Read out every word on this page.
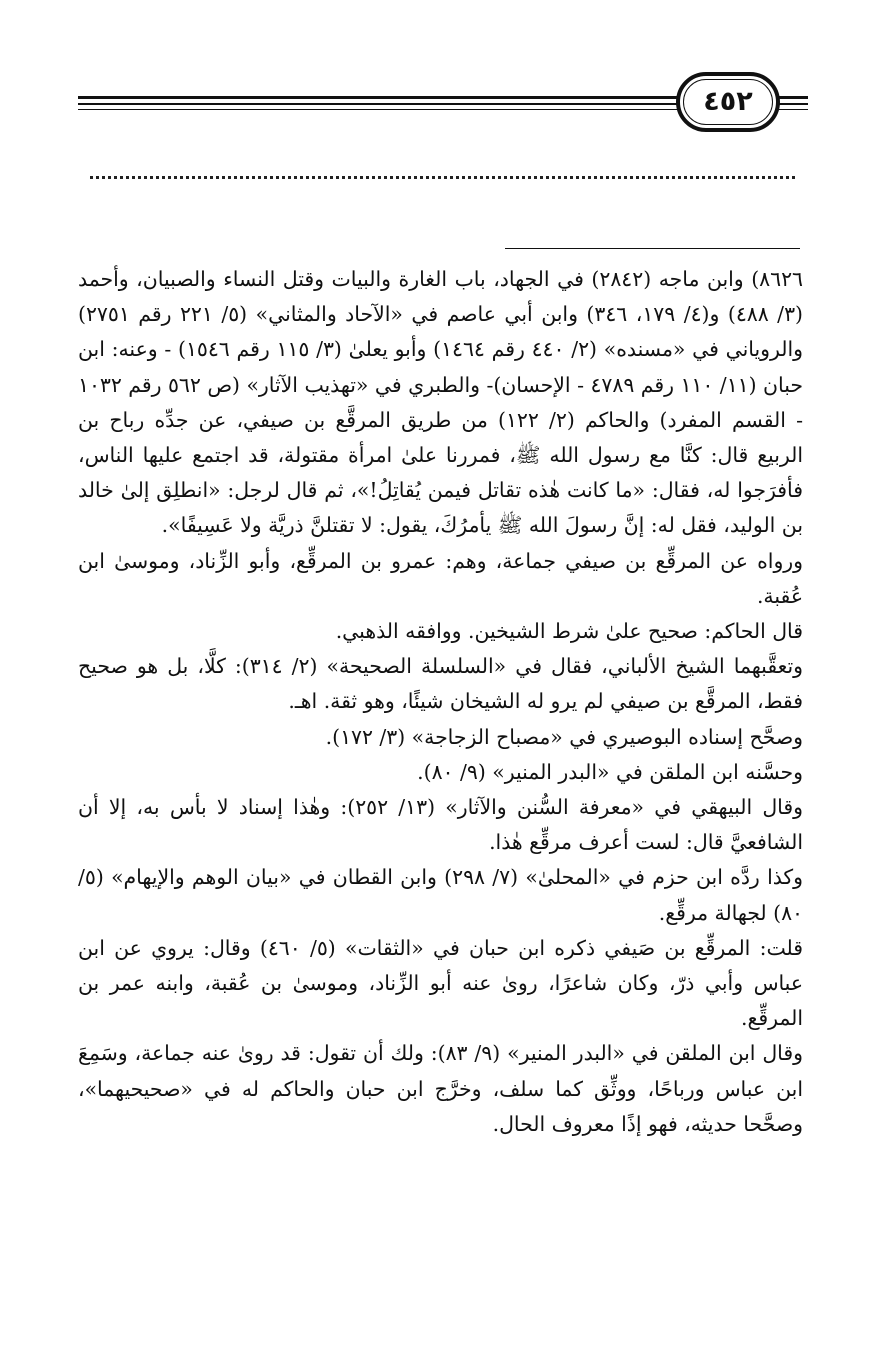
٤٥٢

٨٦٢٦) وابن ماجه (٢٨٤٢) في الجهاد، باب الغارة والبيات وقتل النساء والصبيان، وأحمد (٣/ ٤٨٨) و(٤/ ١٧٩، ٣٤٦) وابن أبي عاصم في «الآحاد والمثاني» (٥/ ٢٢١ رقم ٢٧٥١) والروياني في «مسنده» (٢/ ٤٤٠ رقم ١٤٦٤) وأبو يعلىٰ (٣/ ١١٥ رقم ١٥٤٦) - وعنه: ابن حبان (١١/ ١١٠ رقم ٤٧٨٩ - الإحسان)- والطبري في «تهذيب الآثار» (ص ٥٦٢ رقم ١٠٣٢ - القسم المفرد) والحاكم (٢/ ١٢٢) من طريق المرقَّع بن صيفي، عن جدِّه رباح بن الربيع قال: كنَّا مع رسول الله ﷺ، فمررنا علىٰ امرأة مقتولة، قد اجتمع عليها الناس، فأفرَجوا له، فقال: «ما كانت هٰذه تقاتل فيمن يُقاتِلُ!»، ثم قال لرجل: «انطلِق إلىٰ خالد بن الوليد، فقل له: إنَّ رسولَ الله ﷺ يأمرُكَ، يقول: لا تقتلنَّ ذريَّة ولا عَسِيفًا».

ورواه عن المرقِّع بن صيفي جماعة، وهم: عمرو بن المرقِّع، وأبو الزِّناد، وموسىٰ ابن عُقبة.

قال الحاكم: صحيح علىٰ شرط الشيخين. ووافقه الذهبي.

وتعقَّبهما الشيخ الألباني، فقال في «السلسلة الصحيحة» (٢/ ٣١٤): كلَّا، بل هو صحيح فقط، المرقَّع بن صيفي لم يرو له الشيخان شيئًا، وهو ثقة. اهـ.

وصحَّح إسناده البوصيري في «مصباح الزجاجة» (٣/ ١٧٢).

وحسَّنه ابن الملقن في «البدر المنير» (٩/ ٨٠).

وقال البيهقي في «معرفة السُّنن والآثار» (١٣/ ٢٥٢): وهٰذا إسناد لا بأس به، إلا أن الشافعيَّ قال: لست أعرف مرقِّع هٰذا.

وكذا ردَّه ابن حزم في «المحلىٰ» (٧/ ٢٩٨) وابن القطان في «بيان الوهم والإيهام» (٥/ ٨٠) لجهالة مرقِّع.

قلت: المرقِّع بن صَيفي ذكره ابن حبان في «الثقات» (٥/ ٤٦٠) وقال: يروي عن ابن عباس وأبي ذرّ، وكان شاعرًا، روىٰ عنه أبو الزِّناد، وموسىٰ بن عُقبة، وابنه عمر بن المرقِّع.

وقال ابن الملقن في «البدر المنير» (٩/ ٨٣): ولك أن تقول: قد روىٰ عنه جماعة، وسَمِعَ ابن عباس ورباحًا، ووثِّق كما سلف، وخرَّج ابن حبان والحاكم له في «صحيحيهما»، وصحَّحا حديثه، فهو إذًا معروف الحال.
